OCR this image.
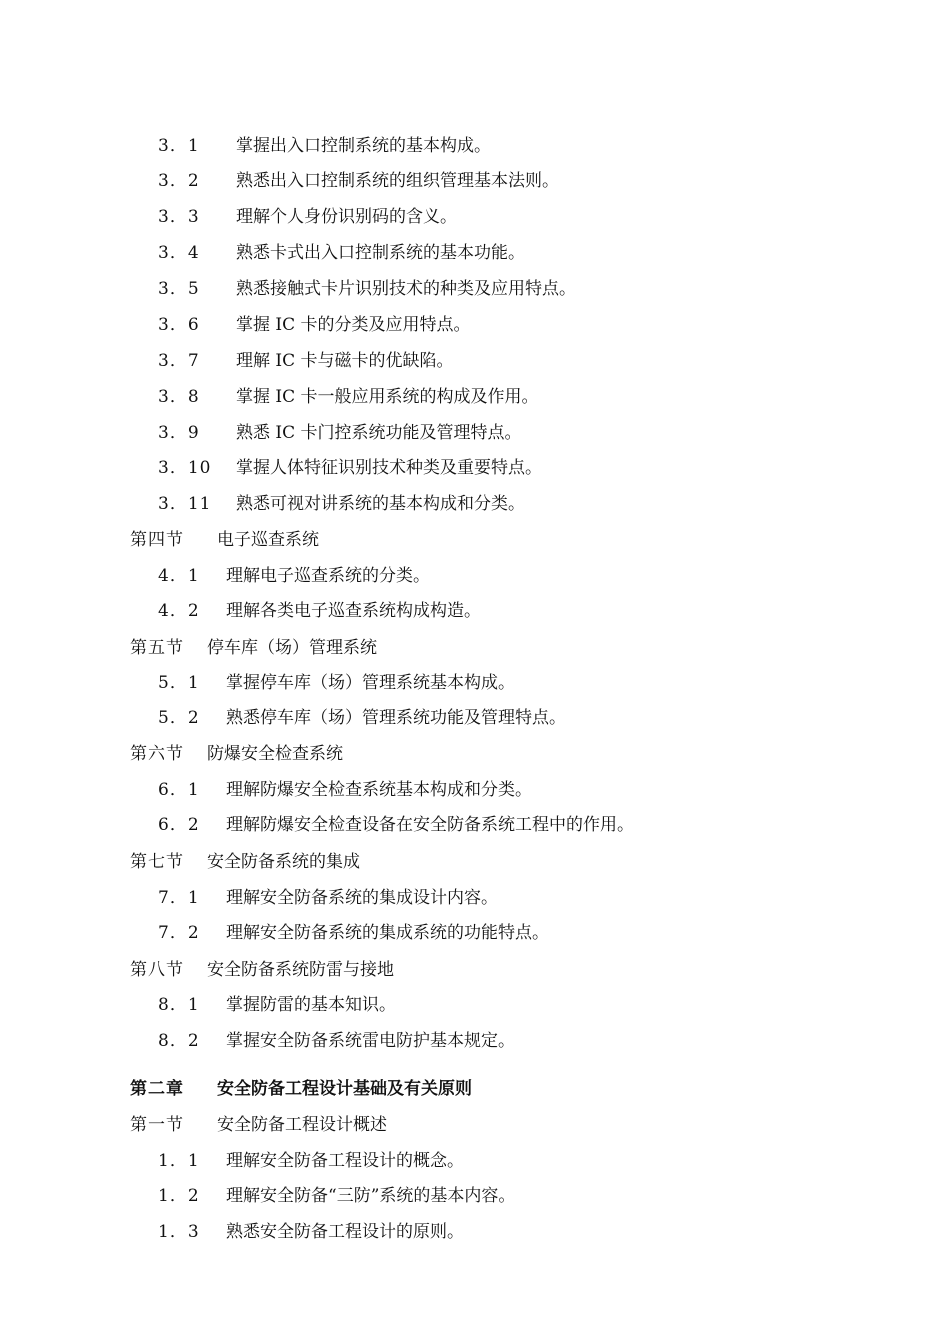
3．1 掌握出入口控制系统的基本构成。
3．2 熟悉出入口控制系统的组织管理基本法则。
3．3 理解个人身份识别码的含义。
3．4 熟悉卡式出入口控制系统的基本功能。
3．5 熟悉接触式卡片识别技术的种类及应用特点。
3．6 掌握 IC 卡的分类及应用特点。
3．7 理解 IC 卡与磁卡的优缺陷。
3．8 掌握 IC 卡一般应用系统的构成及作用。
3．9 熟悉 IC 卡门控系统功能及管理特点。
3．10 掌握人体特征识别技术种类及重要特点。
3．11 熟悉可视对讲系统的基本构成和分类。
第四节 电子巡查系统
4．1 理解电子巡查系统的分类。
4．2 理解各类电子巡查系统构成构造。
第五节 停车库（场）管理系统
5．1 掌握停车库（场）管理系统基本构成。
5．2 熟悉停车库（场）管理系统功能及管理特点。
第六节 防爆安全检查系统
6．1 理解防爆安全检查系统基本构成和分类。
6．2 理解防爆安全检查设备在安全防备系统工程中的作用。
第七节 安全防备系统的集成
7．1 理解安全防备系统的集成设计内容。
7．2 理解安全防备系统的集成系统的功能特点。
第八节 安全防备系统防雷与接地
8．1 掌握防雷的基本知识。
8．2 掌握安全防备系统雷电防护基本规定。
第二章 安全防备工程设计基础及有关原则
第一节 安全防备工程设计概述
1．1 理解安全防备工程设计的概念。
1．2 理解安全防备“三防”系统的基本内容。
1．3 熟悉安全防备工程设计的原则。
